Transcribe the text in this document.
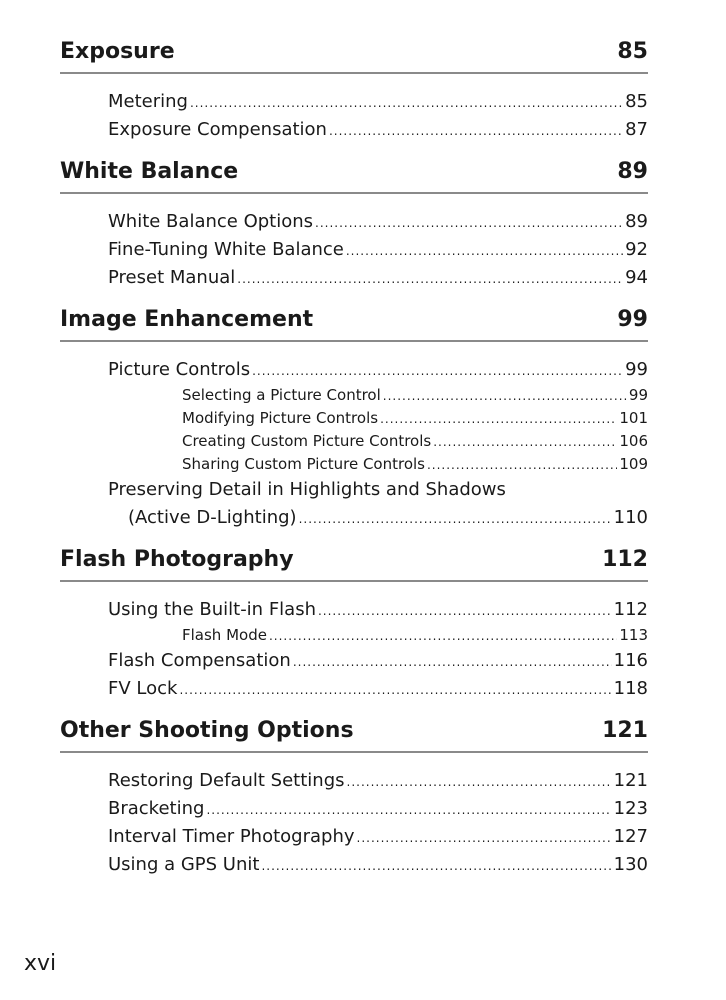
Exposure	85
Metering .....	85
Exposure Compensation .....	87
White Balance	89
White Balance Options .....	89
Fine-Tuning White Balance .....	92
Preset Manual .....	94
Image Enhancement	99
Picture Controls .....	99
Selecting a Picture Control .....	99
Modifying Picture Controls .....	101
Creating Custom Picture Controls .....	106
Sharing Custom Picture Controls .....	109
Preserving Detail in Highlights and Shadows
(Active D-Lighting) .....	110
Flash Photography	112
Using the Built-in Flash .....	112
Flash Mode .....	113
Flash Compensation .....	116
FV Lock .....	118
Other Shooting Options	121
Restoring Default Settings .....	121
Bracketing .....	123
Interval Timer Photography .....	127
Using a GPS Unit .....	130
xvi
